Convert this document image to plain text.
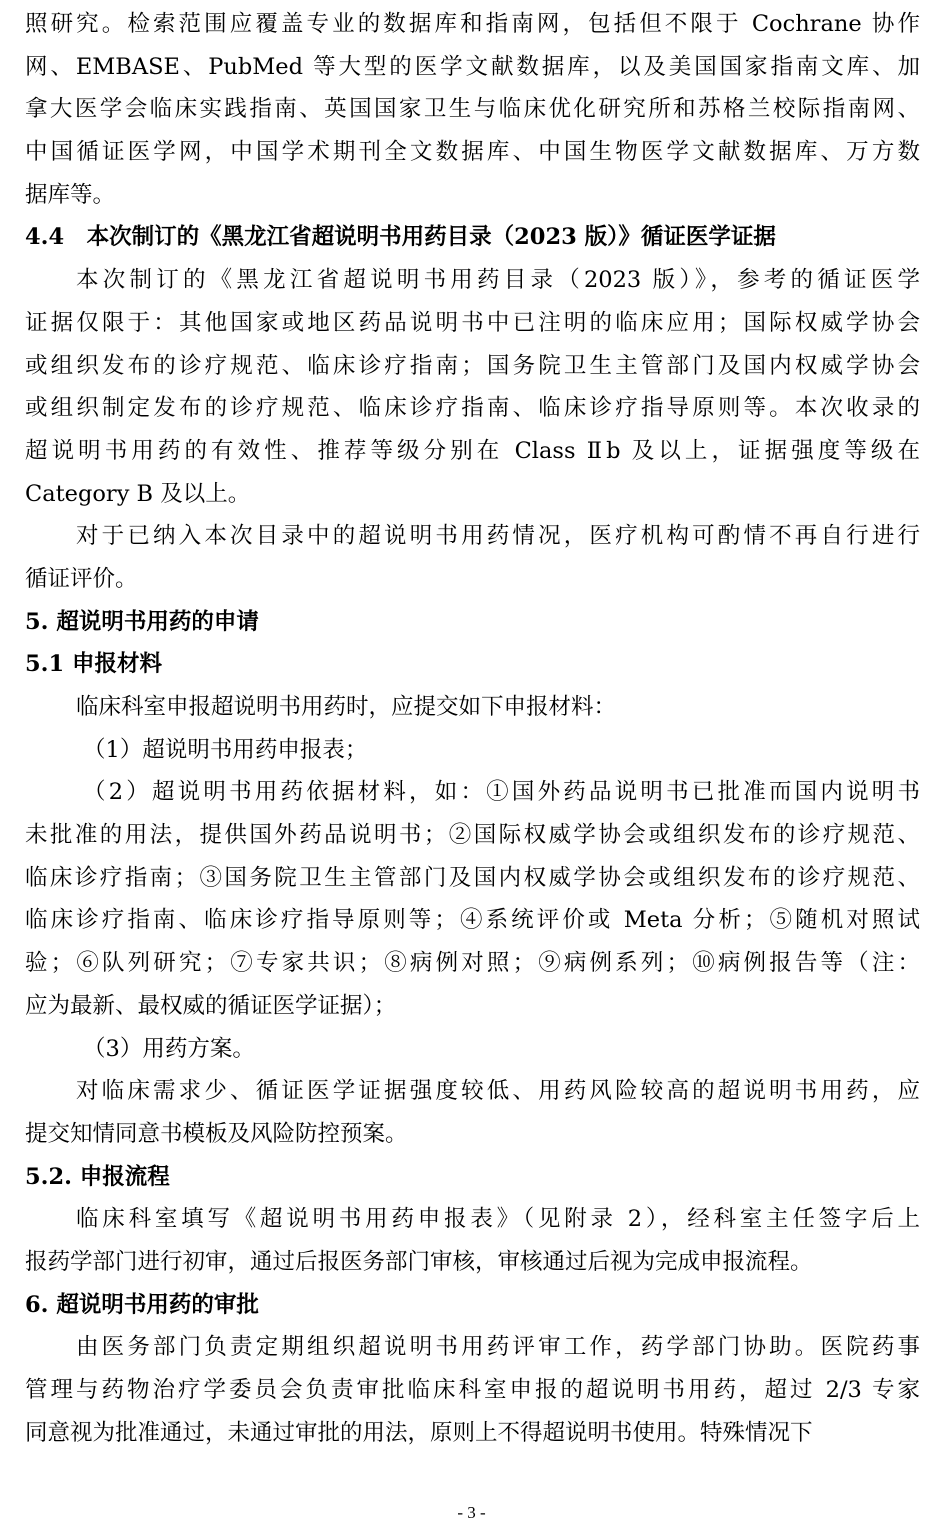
照研究。检索范围应覆盖专业的数据库和指南网，包括但不限于 Cochrane 协作
网、EMBASE、PubMed 等大型的医学文献数据库，以及美国国家指南文库、加
拿大医学会临床实践指南、英国国家卫生与临床优化研究所和苏格兰校际指南网、
中国循证医学网，中国学术期刊全文数据库、中国生物医学文献数据库、万方数
据库等。
4.4　本次制订的《黑龙江省超说明书用药目录（2023 版）》循证医学证据
本次制订的《黑龙江省超说明书用药目录（2023 版）》，参考的循证医学
证据仅限于：其他国家或地区药品说明书中已注明的临床应用；国际权威学协会
或组织发布的诊疗规范、临床诊疗指南；国务院卫生主管部门及国内权威学协会
或组织制定发布的诊疗规范、临床诊疗指南、临床诊疗指导原则等。本次收录的
超说明书用药的有效性、推荐等级分别在 Class Ⅱb 及以上，证据强度等级在
Category B 及以上。
对于已纳入本次目录中的超说明书用药情况，医疗机构可酌情不再自行进行
循证评价。
5. 超说明书用药的申请
5.1 申报材料
临床科室申报超说明书用药时，应提交如下申报材料：
（1）超说明书用药申报表；
（2）超说明书用药依据材料，如：①国外药品说明书已批准而国内说明书
未批准的用法，提供国外药品说明书；②国际权威学协会或组织发布的诊疗规范、
临床诊疗指南；③国务院卫生主管部门及国内权威学协会或组织发布的诊疗规范、
临床诊疗指南、临床诊疗指导原则等；④系统评价或 Meta 分析；⑤随机对照试
验；⑥队列研究；⑦专家共识；⑧病例对照；⑨病例系列；⑩病例报告等（注：
应为最新、最权威的循证医学证据）；
（3）用药方案。
对临床需求少、循证医学证据强度较低、用药风险较高的超说明书用药，应
提交知情同意书模板及风险防控预案。
5.2. 申报流程
临床科室填写《超说明书用药申报表》（见附录 2），经科室主任签字后上
报药学部门进行初审，通过后报医务部门审核，审核通过后视为完成申报流程。
6. 超说明书用药的审批
由医务部门负责定期组织超说明书用药评审工作，药学部门协助。医院药事
管理与药物治疗学委员会负责审批临床科室申报的超说明书用药，超过 2/3 专家
同意视为批准通过，未通过审批的用法，原则上不得超说明书使用。特殊情况下
- 3 -
